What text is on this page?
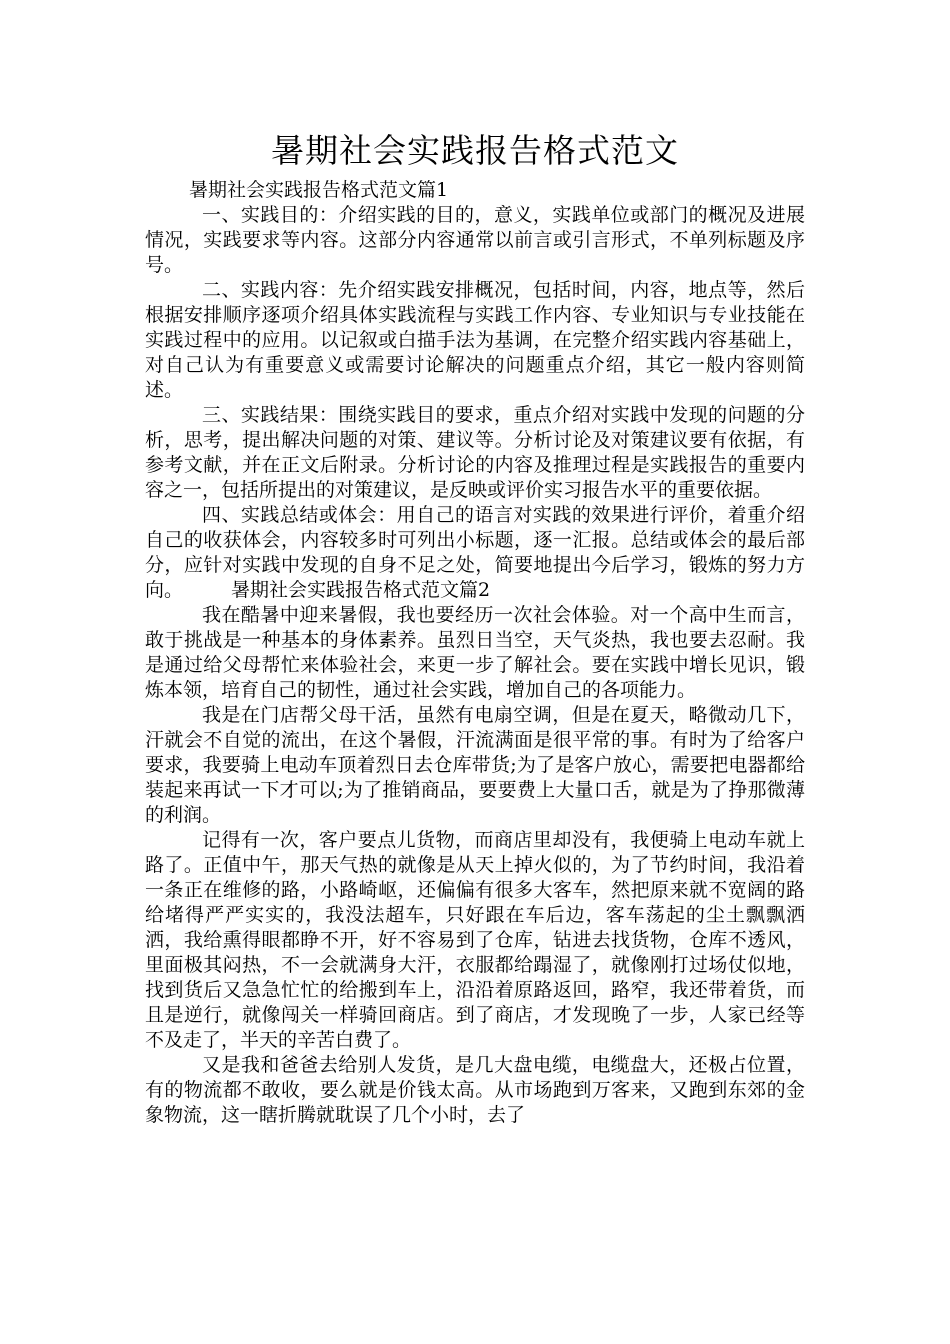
暑期社会实践报告格式范文

暑期社会实践报告格式范文篇1

一、实践目的：介绍实践的目的，意义，实践单位或部门的概况及进展情况，实践要求等内容。这部分内容通常以前言或引言形式，不单列标题及序号。

二、实践内容：先介绍实践安排概况，包括时间，内容，地点等，然后根据安排顺序逐项介绍具体实践流程与实践工作内容、专业知识与专业技能在实践过程中的应用。以记叙或白描手法为基调，在完整介绍实践内容基础上，对自己认为有重要意义或需要讨论解决的问题重点介绍，其它一般内容则简述。

三、实践结果：围绕实践目的要求，重点介绍对实践中发现的问题的分析，思考，提出解决问题的对策、建议等。分析讨论及对策建议要有依据，有参考文献，并在正文后附录。分析讨论的内容及推理过程是实践报告的重要内容之一，包括所提出的对策建议，是反映或评价实习报告水平的重要依据。

四、实践总结或体会：用自己的语言对实践的效果进行评价，着重介绍自己的收获体会，内容较多时可列出小标题，逐一汇报。总结或体会的最后部分，应针对实践中发现的自身不足之处，简要地提出今后学习，锻炼的努力方向。	暑期社会实践报告格式范文篇2

我在酷暑中迎来暑假，我也要经历一次社会体验。对一个高中生而言，敢于挑战是一种基本的身体素养。虽烈日当空，天气炎热，我也要去忍耐。我是通过给父母帮忙来体验社会，来更一步了解社会。要在实践中增长见识，锻炼本领，培育自己的韧性，通过社会实践，增加自己的各项能力。

我是在门店帮父母干活，虽然有电扇空调，但是在夏天，略微动几下，汗就会不自觉的流出，在这个暑假，汗流满面是很平常的事。有时为了给客户要求，我要骑上电动车顶着烈日去仓库带货;为了是客户放心，需要把电器都给装起来再试一下才可以;为了推销商品，要要费上大量口舌，就是为了挣那微薄的利润。

记得有一次，客户要点儿货物，而商店里却没有，我便骑上电动车就上路了。正值中午，那天气热的就像是从天上掉火似的，为了节约时间，我沿着一条正在维修的路，小路崎岖，还偏偏有很多大客车，然把原来就不宽阔的路给堵得严严实实的，我没法超车，只好跟在车后边，客车荡起的尘土飘飘洒洒，我给熏得眼都睁不开，好不容易到了仓库，钻进去找货物，仓库不透风，里面极其闷热，不一会就满身大汗，衣服都给蹋湿了，就像刚打过场仗似地，找到货后又急急忙忙的给搬到车上，沿沿着原路返回，路窄，我还带着货，而且是逆行，就像闯关一样骑回商店。到了商店，才发现晚了一步，人家已经等不及走了，半天的辛苦白费了。

又是我和爸爸去给别人发货，是几大盘电缆，电缆盘大，还极占位置，有的物流都不敢收，要么就是价钱太高。从市场跑到万客来，又跑到东郊的金象物流，这一瞎折腾就耽误了几个小时，去了
